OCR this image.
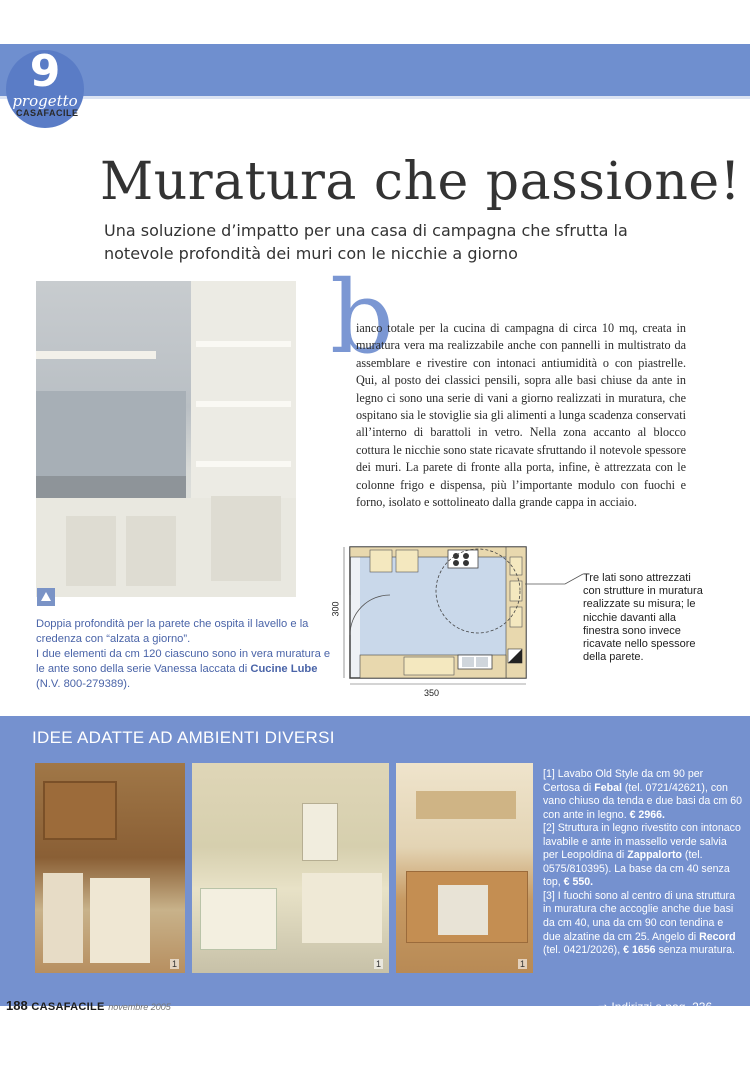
9
progetto
CASAFACILE
Muratura che passione!
Una soluzione d’impatto per una casa di campagna che sfrutta la notevole profondità dei muri con le nicchie a giorno
Doppia profondità per la parete che ospita il lavello e la credenza con “alzata a giorno”.
I due elementi da cm 120 ciascuno sono in vera muratura e le ante sono della serie Vanessa laccata di Cucine Lube (N.V. 800-279389).
b
ianco totale per la cucina di campagna di circa 10 mq, creata in muratura vera ma realizzabile anche con pannelli in multistrato da assemblare e rivestire con intonaci antiumidità o con piastrelle. Qui, al posto dei classici pensili, sopra alle basi chiuse da ante in legno ci sono una serie di vani a giorno realizzati in muratura, che ospitano sia le stoviglie sia gli alimenti a lunga scadenza conservati all’interno di barattoli in vetro. Nella zona accanto al blocco cottura le nicchie sono state ricavate sfruttando il notevole spessore dei muri. La parete di fronte alla porta, infine, è attrezzata con le colonne frigo e dispensa, più l’importante modulo con fuochi e forno, isolato e sottolineato dalla grande cappa in acciaio.
Tre lati sono attrezzati con strutture in muratura realizzate su misura; le nicchie davanti alla finestra sono invece ricavate nello spessore della parete.
300
350
IDEE ADATTE AD AMBIENTI DIVERSI
1	1	1
[1] Lavabo Old Style da cm 90 per Certosa di Febal (tel. 0721/42621), con vano chiuso da tenda e due basi da cm 60 con ante in legno. € 2966.
[2] Struttura in legno rivestito con intonaco lavabile e ante in massello verde salvia per Leopoldina di Zappalorto (tel. 0575/810395). La base da cm 40 senza top, € 550.
[3] I fuochi sono al centro di una struttura in muratura che accoglie anche due basi da cm 40, una da cm 90 con tendina e due alzatine da cm 25. Angelo di Record (tel. 0421/2026), € 1656 senza muratura.
188 CASAFACILE novembre 2005	➡ Indirizzi a pag. 236
